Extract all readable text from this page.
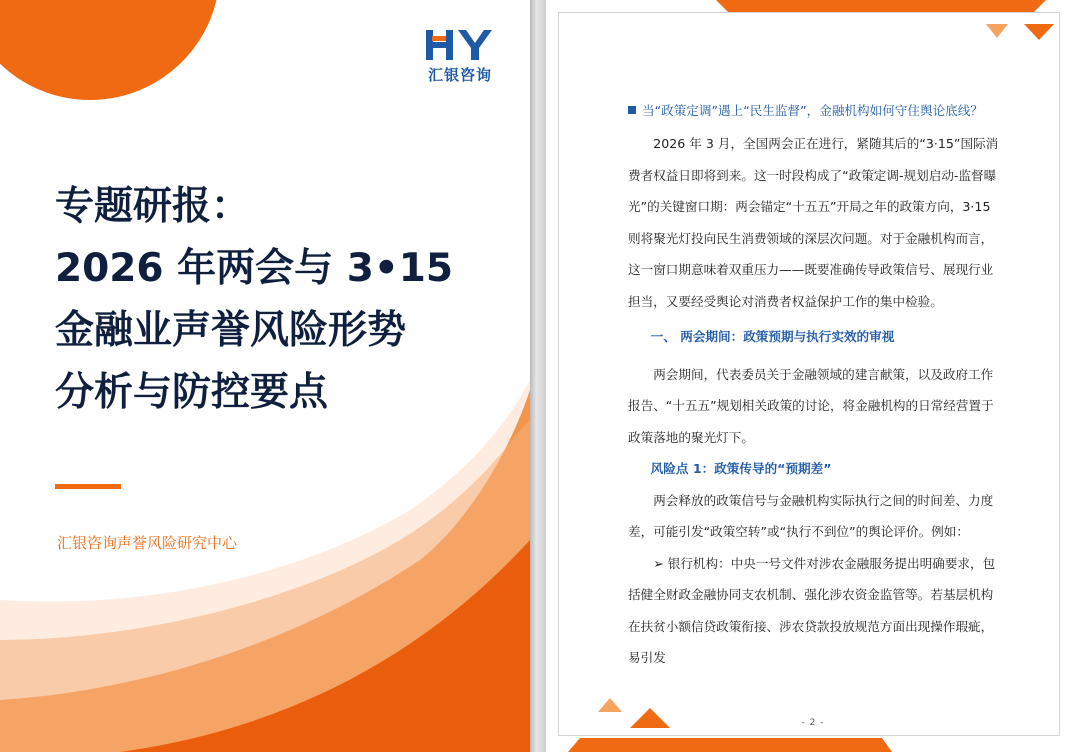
汇银咨询
专题研报：
2026 年两会与 3•15
金融业声誉风险形势
分析与防控要点
汇银咨询声誉风险研究中心
当“政策定调”遇上“民生监督”，金融机构如何守住舆论底线？

2026 年 3 月，全国两会正在进行，紧随其后的“3·15”国际消费者权益日即将到来。这一时段构成了“政策定调-规划启动-监督曝光”的关键窗口期：两会锚定“十五五”开局之年的政策方向，3·15 则将聚光灯投向民生消费领域的深层次问题。对于金融机构而言，这一窗口期意味着双重压力——既要准确传导政策信号、展现行业担当，又要经受舆论对消费者权益保护工作的集中检验。

一、 两会期间：政策预期与执行实效的审视

两会期间，代表委员关于金融领域的建言献策，以及政府工作报告、“十五五”规划相关政策的讨论，将金融机构的日常经营置于政策落地的聚光灯下。

风险点 1：政策传导的“预期差”

两会释放的政策信号与金融机构实际执行之间的时间差、力度差，可能引发“政策空转”或“执行不到位”的舆论评价。例如：

➢ 银行机构：中央一号文件对涉农金融服务提出明确要求，包括健全财政金融协同支农机制、强化涉农资金监管等。若基层机构在扶贫小额信贷政策衔接、涉农贷款投放规范方面出现操作瑕疵，易引发

- 2 -
